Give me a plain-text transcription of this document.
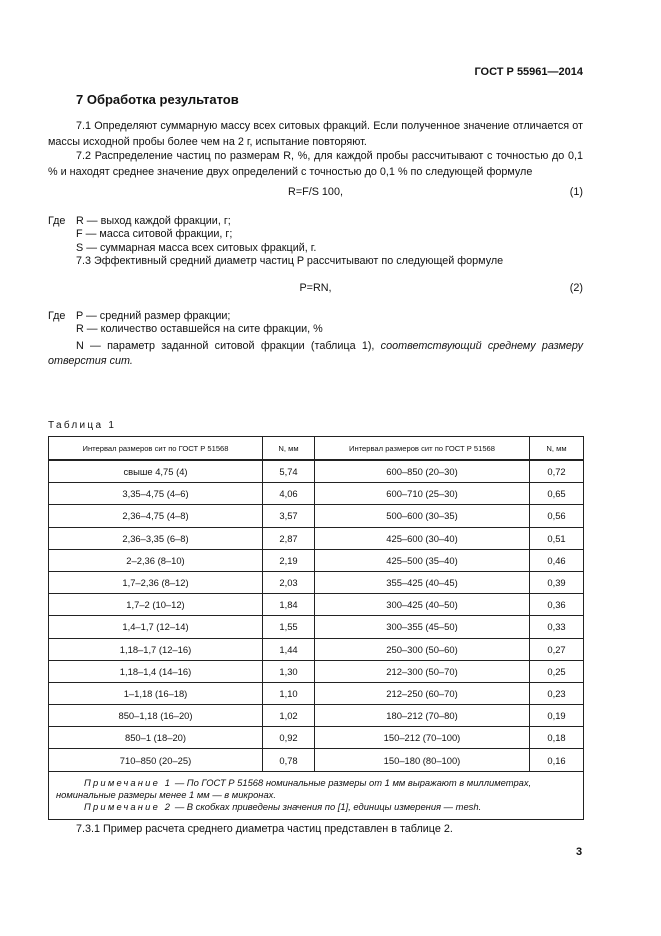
ГОСТ Р 55961—2014
7 Обработка результатов
7.1 Определяют суммарную массу всех ситовых фракций. Если полученное значение отличается от массы исходной пробы более чем на 2 г, испытание повторяют.
7.2 Распределение частиц по размерам R, %, для каждой пробы рассчитывают с точностью до 0,1 % и находят среднее значение двух определений с точностью до 0,1 % по следующей формуле
R=F/S 100,	(1)
Где R — выход каждой фракции, г;
F — масса ситовой фракции, г;
S — суммарная масса всех ситовых фракций, г.
7.3 Эффективный средний диаметр частиц P рассчитывают по следующей формуле
P=RN,	(2)
Где P — средний размер фракции;
R — количество оставшейся на сите фракции, %
N — параметр заданной ситовой фракции (таблица 1), соответствующий среднему размеру отверстия сит.
Таблица 1
Интервал размеров сит по ГОСТ Р 51568	N, мм	Интервал размеров сит по ГОСТ Р 51568	N, мм
свыше 4,75 (4)	5,74	600–850 (20–30)	0,72
3,35–4,75 (4–6)	4,06	600–710 (25–30)	0,65
2,36–4,75 (4–8)	3,57	500–600 (30–35)	0,56
2,36–3,35 (6–8)	2,87	425–600 (30–40)	0,51
2–2,36 (8–10)	2,19	425–500 (35–40)	0,46
1,7–2,36 (8–12)	2,03	355–425 (40–45)	0,39
1,7–2 (10–12)	1,84	300–425 (40–50)	0,36
1,4–1,7 (12–14)	1,55	300–355 (45–50)	0,33
1,18–1,7 (12–16)	1,44	250–300 (50–60)	0,27
1,18–1,4 (14–16)	1,30	212–300 (50–70)	0,25
1–1,18 (16–18)	1,10	212–250 (60–70)	0,23
850–1,18 (16–20)	1,02	180–212 (70–80)	0,19
850–1 (18–20)	0,92	150–212 (70–100)	0,18
710–850 (20–25)	0,78	150–180 (80–100)	0,16

Примечание 1 — По ГОСТ Р 51568 номинальные размеры от 1 мм выражают в миллиметрах, номинальные размеры менее 1 мм — в микронах.
Примечание 2 — В скобках приведены значения по [1], единицы измерения — mesh.			
7.3.1 Пример расчета среднего диаметра частиц представлен в таблице 2.
3
